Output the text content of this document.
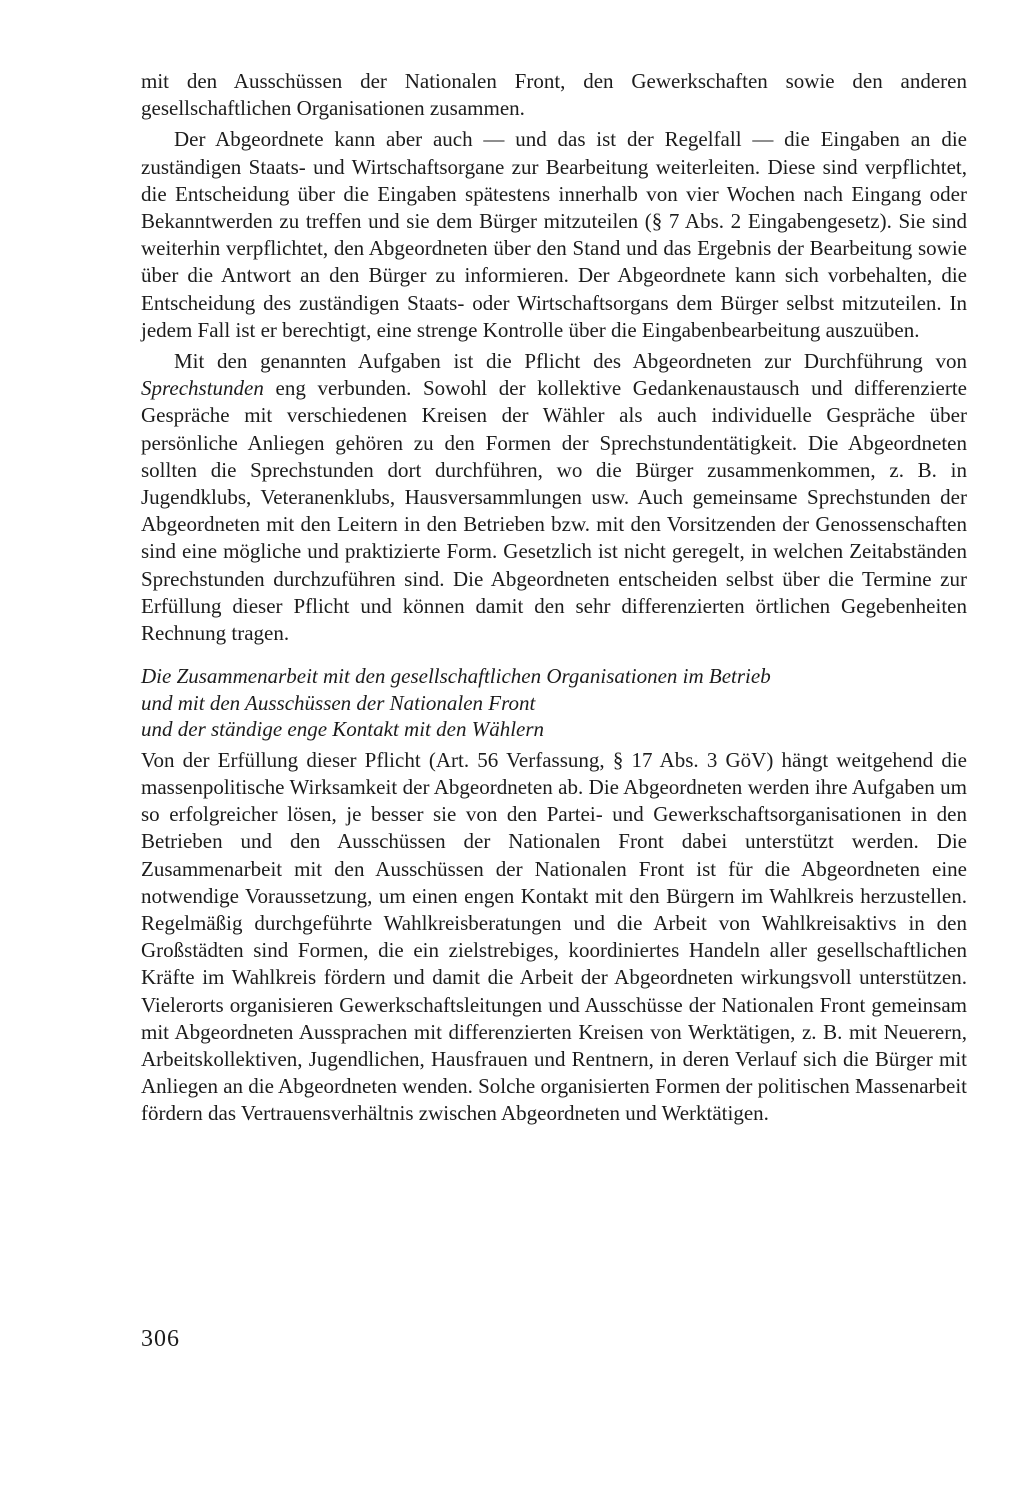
mit den Ausschüssen der Nationalen Front, den Gewerkschaften sowie den anderen gesellschaftlichen Organisationen zusammen.

Der Abgeordnete kann aber auch — und das ist der Regelfall — die Eingaben an die zuständigen Staats- und Wirtschaftsorgane zur Bearbeitung weiterleiten. Diese sind verpflichtet, die Entscheidung über die Eingaben spätestens innerhalb von vier Wochen nach Eingang oder Bekanntwerden zu treffen und sie dem Bürger mitzuteilen (§ 7 Abs. 2 Eingabengesetz). Sie sind weiterhin verpflichtet, den Abgeordneten über den Stand und das Ergebnis der Bearbeitung sowie über die Antwort an den Bürger zu informieren. Der Abgeordnete kann sich vorbehalten, die Entscheidung des zuständigen Staats- oder Wirtschaftsorgans dem Bürger selbst mitzuteilen. In jedem Fall ist er berechtigt, eine strenge Kontrolle über die Eingabenbearbeitung auszuüben.

Mit den genannten Aufgaben ist die Pflicht des Abgeordneten zur Durchführung von Sprechstunden eng verbunden. Sowohl der kollektive Gedankenaustausch und differenzierte Gespräche mit verschiedenen Kreisen der Wähler als auch individuelle Gespräche über persönliche Anliegen gehören zu den Formen der Sprechstundentätigkeit. Die Abgeordneten sollten die Sprechstunden dort durchführen, wo die Bürger zusammenkommen, z. B. in Jugendklubs, Veteranenklubs, Hausversammlungen usw. Auch gemeinsame Sprechstunden der Abgeordneten mit den Leitern in den Betrieben bzw. mit den Vorsitzenden der Genossenschaften sind eine mögliche und praktizierte Form. Gesetzlich ist nicht geregelt, in welchen Zeitabständen Sprechstunden durchzuführen sind. Die Abgeordneten entscheiden selbst über die Termine zur Erfüllung dieser Pflicht und können damit den sehr differenzierten örtlichen Gegebenheiten Rechnung tragen.

Die Zusammenarbeit mit den gesellschaftlichen Organisationen im Betrieb
und mit den Ausschüssen der Nationalen Front
und der ständige enge Kontakt mit den Wählern

Von der Erfüllung dieser Pflicht (Art. 56 Verfassung, § 17 Abs. 3 GöV) hängt weitgehend die massenpolitische Wirksamkeit der Abgeordneten ab. Die Abgeordneten werden ihre Aufgaben um so erfolgreicher lösen, je besser sie von den Partei- und Gewerkschaftsorganisationen in den Betrieben und den Ausschüssen der Nationalen Front dabei unterstützt werden. Die Zusammenarbeit mit den Ausschüssen der Nationalen Front ist für die Abgeordneten eine notwendige Voraussetzung, um einen engen Kontakt mit den Bürgern im Wahlkreis herzustellen. Regelmäßig durchgeführte Wahlkreisberatungen und die Arbeit von Wahlkreisaktivs in den Großstädten sind Formen, die ein zielstrebiges, koordiniertes Handeln aller gesellschaftlichen Kräfte im Wahlkreis fördern und damit die Arbeit der Abgeordneten wirkungsvoll unterstützen. Vielerorts organisieren Gewerkschaftsleitungen und Ausschüsse der Nationalen Front gemeinsam mit Abgeordneten Aussprachen mit differenzierten Kreisen von Werktätigen, z. B. mit Neuerern, Arbeitskollektiven, Jugendlichen, Hausfrauen und Rentnern, in deren Verlauf sich die Bürger mit Anliegen an die Abgeordneten wenden. Solche organisierten Formen der politischen Massenarbeit fördern das Vertrauensverhältnis zwischen Abgeordneten und Werktätigen.

306
